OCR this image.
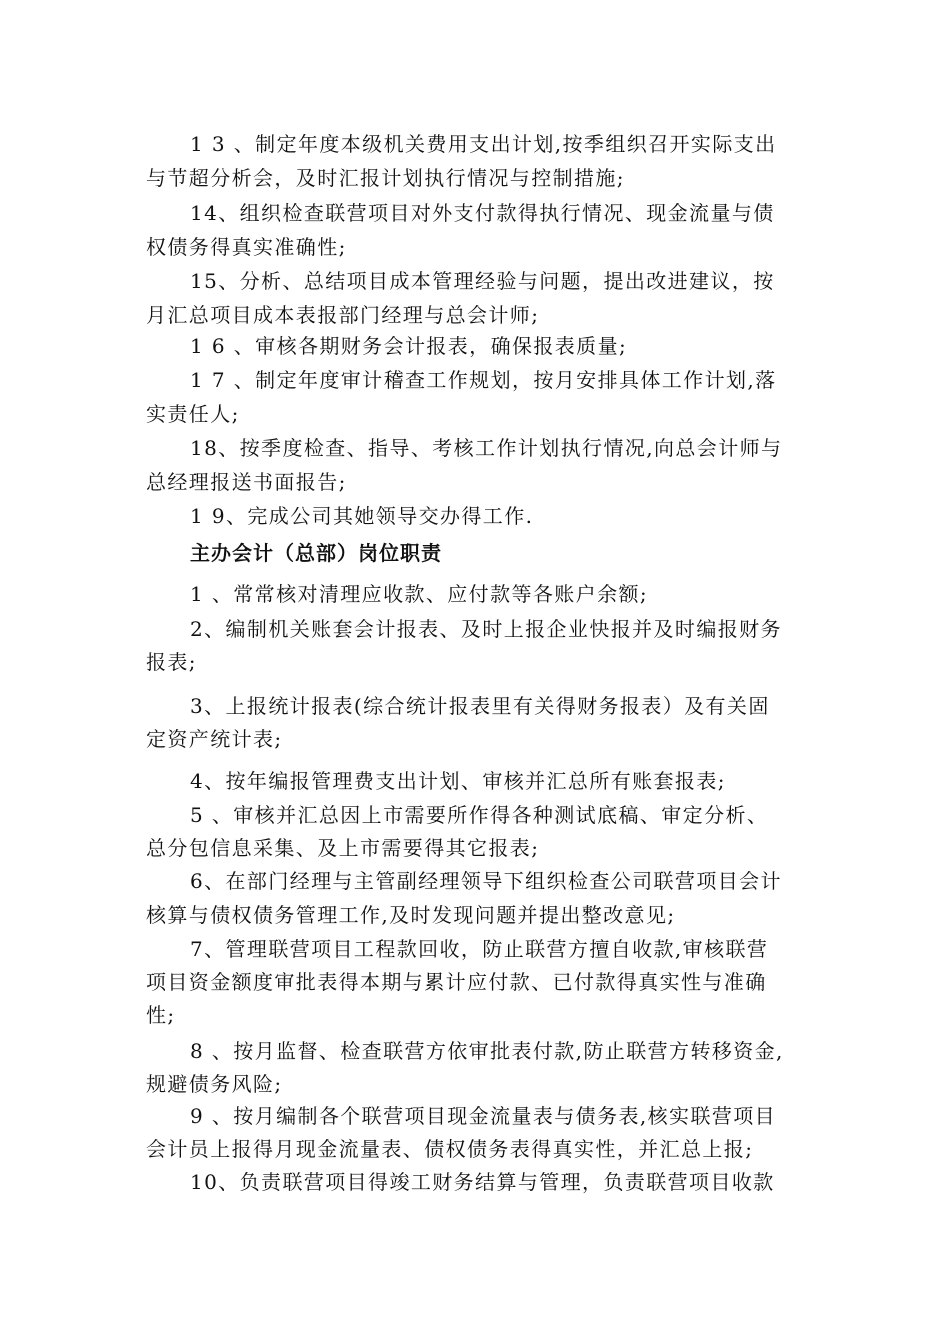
1 3 、制定年度本级机关费用支出计划,按季组织召开实际支出
与节超分析会，及时汇报计划执行情况与控制措施;
14、组织检查联营项目对外支付款得执行情况、现金流量与债
权债务得真实准确性;
15、分析、总结项目成本管理经验与问题，提出改进建议，按
月汇总项目成本表报部门经理与总会计师;
1 6 、审核各期财务会计报表，确保报表质量;
1 7 、制定年度审计稽查工作规划，按月安排具体工作计划,落
实责任人;
18、按季度检查、指导、考核工作计划执行情况,向总会计师与
总经理报送书面报告;
1 9、完成公司其她领导交办得工作.
主办会计（总部）岗位职责
1 、常常核对清理应收款、应付款等各账户余额;
2、编制机关账套会计报表、及时上报企业快报并及时编报财务
报表;
3、上报统计报表(综合统计报表里有关得财务报表）及有关固
定资产统计表;
4、按年编报管理费支出计划、审核并汇总所有账套报表;
5 、审核并汇总因上市需要所作得各种测试底稿、审定分析、
总分包信息采集、及上市需要得其它报表;
6、在部门经理与主管副经理领导下组织检查公司联营项目会计
核算与债权债务管理工作,及时发现问题并提出整改意见;
7、管理联营项目工程款回收，防止联营方擅自收款,审核联营
项目资金额度审批表得本期与累计应付款、已付款得真实性与准确
性;
8 、按月监督、检查联营方依审批表付款,防止联营方转移资金,
规避债务风险;
9 、按月编制各个联营项目现金流量表与债务表,核实联营项目
会计员上报得月现金流量表、债权债务表得真实性，并汇总上报;
10、负责联营项目得竣工财务结算与管理，负责联营项目收款
